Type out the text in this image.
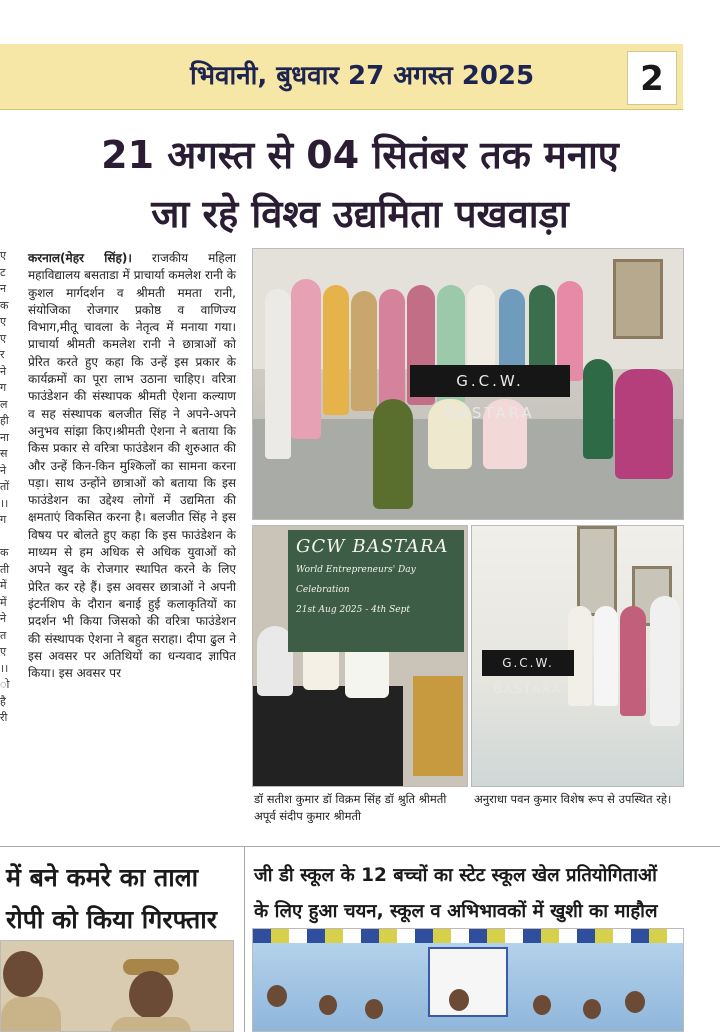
भिवानी, बुधवार 27 अगस्त 2025	2
21 अगस्त से 04 सितंबर तक मनाए
जा रहे विश्व उद्यमिता पखवाड़ा
ए
ट
न
क
ए
ए
र
ने
ग
ल
ही
ना
स
ने
तों
।।
ग

क
ती
में
में
ने
त
ए
।।
ो
है
री
करनाल(मेहर सिंह)। राजकीय महिला महाविद्यालय बसताडा में प्राचार्या कमलेश रानी के कुशल मार्गदर्शन व श्रीमती ममता रानी, संयोजिका रोजगार प्रकोष्ठ व वाणिज्य विभाग,मीतू चावला के नेतृत्व में मनाया गया।प्राचार्या श्रीमती कमलेश रानी ने छात्राओं को प्रेरित करते हुए कहा कि उन्हें इस प्रकार के कार्यक्रमों का पूरा लाभ उठाना चाहिए। वरित्रा फाउंडेशन की संस्थापक श्रीमती ऐशना कल्याण व सह संस्थापक बलजीत सिंह ने अपने-अपने अनुभव सांझा किए।श्रीमती ऐशना ने बताया कि किस प्रकार से वरित्रा फाउंडेशन की शुरुआत की और उन्हें किन-किन मुश्किलों का सामना करना पड़ा। साथ उन्होंने छात्राओं को बताया कि इस फाउंडेशन का उद्देश्य लोगों में उद्यमिता की क्षमताएं विकसित करना है। बलजीत सिंह ने इस विषय पर बोलते हुए कहा कि इस फाउंडेशन के माध्यम से हम अधिक से अधिक युवाओं को अपने खुद के रोजगार स्थापित करने के लिए प्रेरित कर रहे हैं। इस अवसर छात्राओं ने अपनी इंटर्नशिप के दौरान बनाई हुई कलाकृतियों का प्रदर्शन भी किया जिसको की वरित्रा फाउंडेशन की संस्थापक ऐशना ने बहुत सराहा। दीपा ढुल ने इस अवसर पर अतिथियों का धन्यवाद ज्ञापित किया। इस अवसर पर
G.C.W. BASTARA
GCW BASTARA
World Entrepreneurs' Day
Celebration
21st Aug 2025 - 4th Sept
G.C.W. BASTARA
डॉ सतीश कुमार डॉ विक्रम सिंह डॉ श्रुति श्रीमती अपूर्व संदीप कुमार श्रीमती
अनुराधा पवन कुमार विशेष रूप से उपस्थित रहे।
में बने कमरे का ताला
रोपी को किया गिरफ्तार
जी डी स्कूल के 12 बच्चों का स्टेट स्कूल खेल प्रतियोगिताओं
के लिए हुआ चयन, स्कूल व अभिभावकों में खुशी का माहौल
